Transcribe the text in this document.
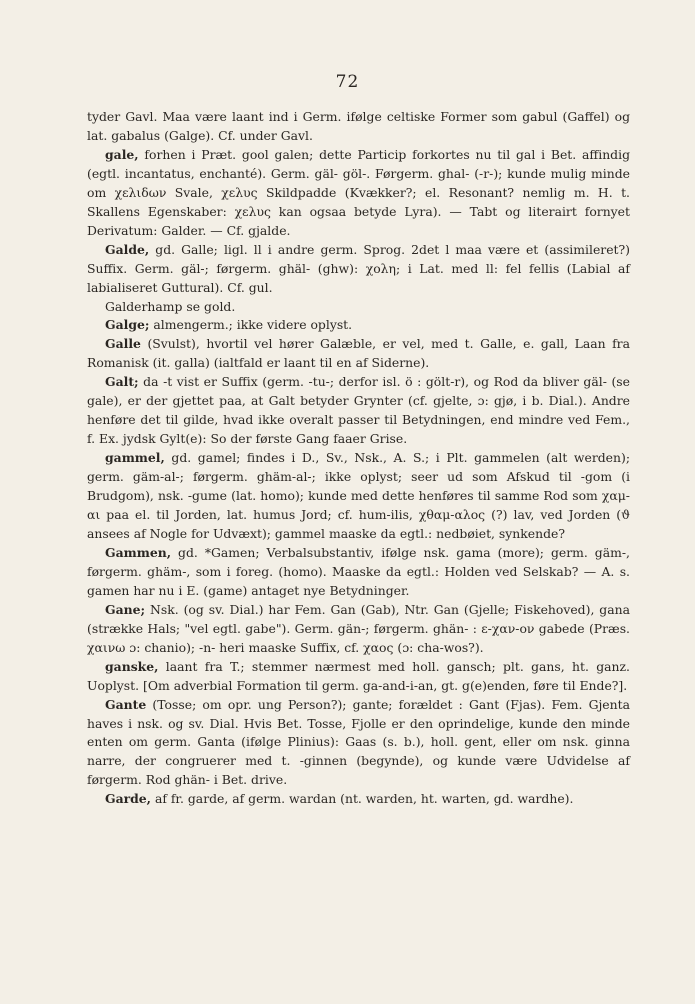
72

tyder Gavl. Maa være laant ind i Germ. ifølge celtiske Former som gabul (Gaffel) og lat. gabalus (Galge). Cf. under Gavl.

gale, forhen i Præt. gool galen; dette Particip forkortes nu til gal i Bet. affindig (egtl. incantatus, enchanté). Germ. gäl- göl-. Førgerm. ghal- (-r-); kunde mulig minde om χελιδων Svale, χελυς Skildpadde (Kvækker?; el. Resonant? nemlig m. H. t. Skallens Egenskaber: χελυς kan ogsaa betyde Lyra). — Tabt og literairt fornyet Derivatum: Galder. — Cf. gjalde.

Galde, gd. Galle; ligl. ll i andre germ. Sprog. 2det l maa være et (assimileret?) Suffix. Germ. gäl-; førgerm. ghäl- (ghw): χολη; i Lat. med ll: fel fellis (Labial af labialiseret Guttural). Cf. gul.

Galderhamp se gold.

Galge; almengerm.; ikke videre oplyst.

Galle (Svulst), hvortil vel hører Galæble, er vel, med t. Galle, e. gall, Laan fra Romanisk (it. galla) (ialtfald er laant til en af Siderne).

Galt; da -t vist er Suffix (germ. -tu-; derfor isl. ö : gölt-r), og Rod da bliver gäl- (se gale), er der gjettet paa, at Galt betyder Grynter (cf. gjelte, ɔ: gjø, i b. Dial.). Andre henføre det til gilde, hvad ikke overalt passer til Betydningen, end mindre ved Fem., f. Ex. jydsk Gylt(e): So der første Gang faaer Grise.

gammel, gd. gamel; findes i D., Sv., Nsk., A. S.; i Plt. gammelen (alt werden); germ. gäm-al-; førgerm. ghäm-al-; ikke oplyst; seer ud som Afskud til -gom (i Brudgom), nsk. -gume (lat. homo); kunde med dette henføres til samme Rod som χαμ-αι paa el. til Jorden, lat. humus Jord; cf. hum-ilis, χθαμ-αλος (?) lav, ved Jorden (ϑ ansees af Nogle for Udvæxt); gammel maaske da egtl.: nedbøiet, synkende?

Gammen, gd. *Gamen; Verbalsubstantiv, ifølge nsk. gama (more); germ. gäm-, førgerm. ghäm-, som i foreg. (homo). Maaske da egtl.: Holden ved Selskab? — A. s. gamen har nu i E. (game) antaget nye Betydninger.

Gane; Nsk. (og sv. Dial.) har Fem. Gan (Gab), Ntr. Gan (Gjelle; Fiskehoved), gana (strække Hals; "vel egtl. gabe"). Germ. gän-; førgerm. ghän- : ε-χαν-ον gabede (Præs. χαινω ɔ: chanio); -n- heri maaske Suffix, cf. χαος (ɔ: cha-wos?).

ganske, laant fra T.; stemmer nærmest med holl. gansch; plt. gans, ht. ganz. Uoplyst. [Om adverbial Formation til germ. ga-and-i-an, gt. g(e)enden, føre til Ende?].

Gante (Tosse; om opr. ung Person?); gante; forældet : Gant (Fjas). Fem. Gjenta haves i nsk. og sv. Dial. Hvis Bet. Tosse, Fjolle er den oprindelige, kunde den minde enten om germ. Ganta (ifølge Plinius): Gaas (s. b.), holl. gent, eller om nsk. ginna narre, der congruerer med t. -ginnen (begynde), og kunde være Udvidelse af førgerm. Rod ghän- i Bet. drive.

Garde, af fr. garde, af germ. wardan (nt. warden, ht. warten, gd. wardhe).
